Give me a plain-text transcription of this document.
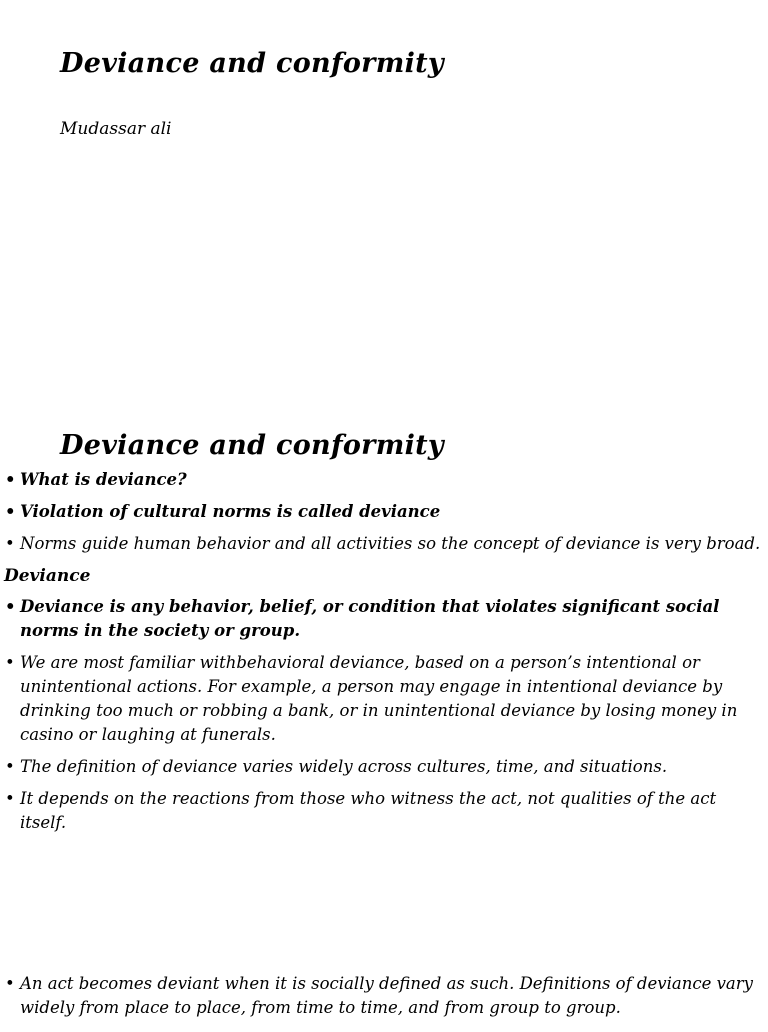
Deviance and conformity

Mudassar ali

Deviance and conformity
• What is deviance?
• Violation of cultural norms is called deviance
• Norms guide human behavior and all activities so the concept of deviance is very broad.

Deviance

• Deviance is any behavior, belief, or condition that violates significant social norms in the society or group.
• We are most familiar withbehavioral deviance, based on a person’s intentional or unintentional actions. For example, a person may engage in intentional deviance by drinking too much or robbing a bank, or in unintentional deviance by losing money in casino or laughing at funerals.
• The definition of deviance varies widely across cultures, time, and situations.
• It depends on the reactions from those who witness the act, not qualities of the act itself.
• An act becomes deviant when it is socially defined as such. Definitions of deviance vary widely from place to place, from time to time, and from group to group.
